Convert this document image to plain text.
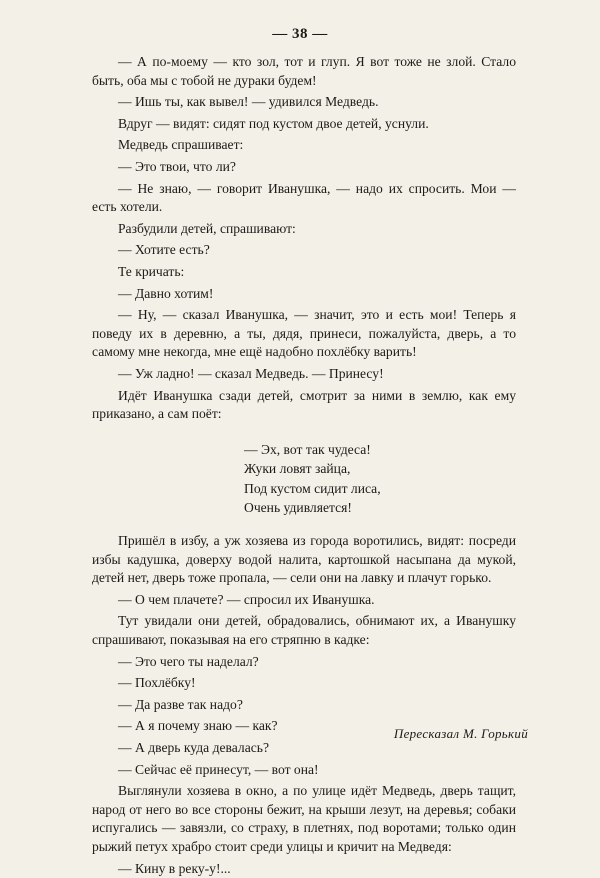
— 38 —

— А по-моему — кто зол, тот и глуп. Я вот тоже не злой. Стало быть, оба мы с тобой не дураки будем!

— Ишь ты, как вывел! — удивился Медведь.

Вдруг — видят: сидят под кустом двое детей, уснули.

Медведь спрашивает:

— Это твои, что ли?

— Не знаю, — говорит Иванушка, — надо их спросить. Мои — есть хотели.

Разбудили детей, спрашивают:

— Хотите есть?

Те кричать:

— Давно хотим!

— Ну, — сказал Иванушка, — значит, это и есть мои! Теперь я поведу их в деревню, а ты, дядя, принеси, пожалуйста, дверь, а то самому мне некогда, мне ещё надобно похлёбку варить!

— Уж ладно! — сказал Медведь. — Принесу!

Идёт Иванушка сзади детей, смотрит за ними в землю, как ему приказано, а сам поёт:

— Эх, вот так чудеса!
Жуки ловят зайца,
Под кустом сидит лиса,
Очень удивляется!

Пришёл в избу, а уж хозяева из города воротились, видят: посреди избы кадушка, доверху водой налита, картошкой насыпана да мукой, детей нет, дверь тоже пропала, — сели они на лавку и плачут горько.

— О чем плачете? — спросил их Иванушка.

Тут увидали они детей, обрадовались, обнимают их, а Иванушку спрашивают, показывая на его стряпню в кадке:

— Это чего ты наделал?

— Похлёбку!

— Да разве так надо?

— А я почему знаю — как?

— А дверь куда девалась?

— Сейчас её принесут, — вот она!

Выглянули хозяева в окно, а по улице идёт Медведь, дверь тащит, народ от него во все стороны бежит, на крыши лезут, на деревья; собаки испугались — завязли, со страху, в плетнях, под воротами; только один рыжий петух храбро стоит среди улицы и кричит на Медведя:

— Кину в реку-у!...

Пересказал М. Горький
